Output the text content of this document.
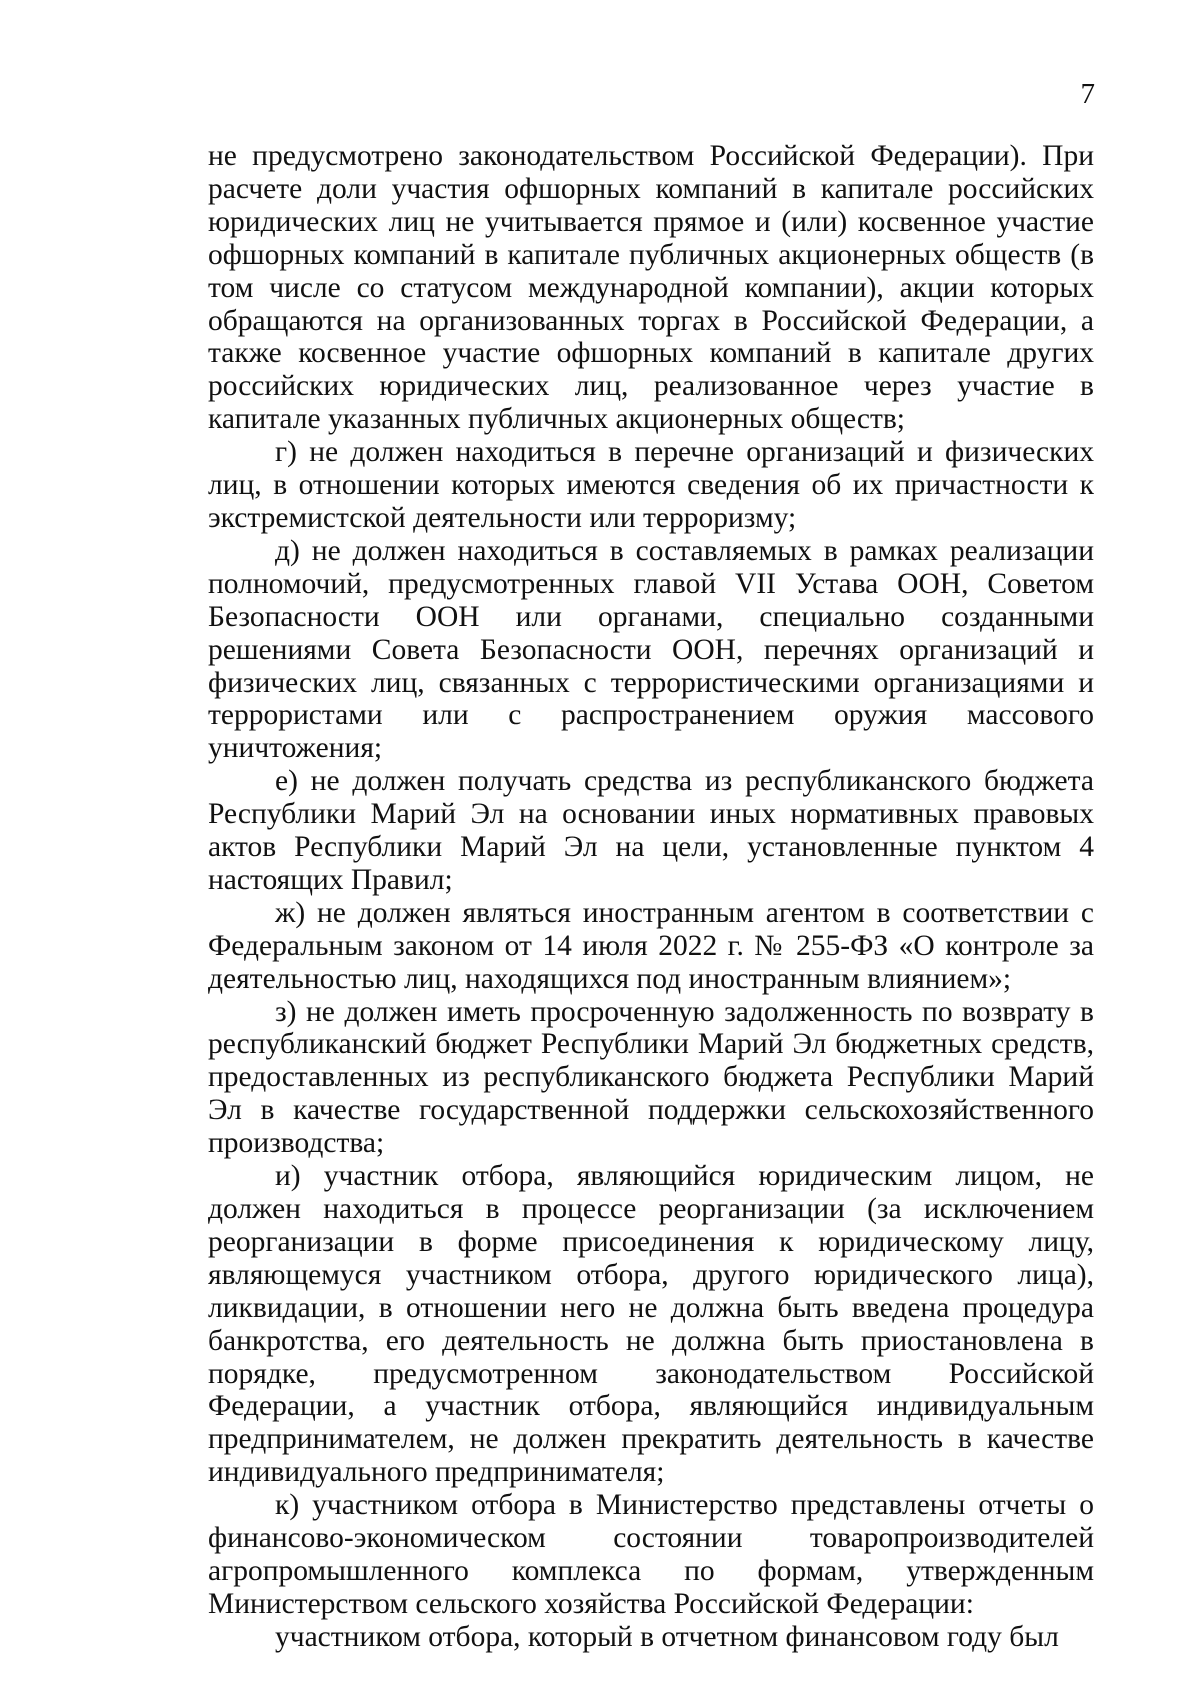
7

не предусмотрено законодательством Российской Федерации). При расчете доли участия офшорных компаний в капитале российских юридических лиц не учитывается прямое и (или) косвенное участие офшорных компаний в капитале публичных акционерных обществ (в том числе со статусом международной компании), акции которых обращаются на организованных торгах в Российской Федерации, а также косвенное участие офшорных компаний в капитале других российских юридических лиц, реализованное через участие в капитале указанных публичных акционерных обществ;

г) не должен находиться в перечне организаций и физических лиц, в отношении которых имеются сведения об их причастности к экстремистской деятельности или терроризму;

д) не должен находиться в составляемых в рамках реализации полномочий, предусмотренных главой VII Устава ООН, Советом Безопасности ООН или органами, специально созданными решениями Совета Безопасности ООН, перечнях организаций и физических лиц, связанных с террористическими организациями и террористами или с распространением оружия массового уничтожения;

е) не должен получать средства из республиканского бюджета Республики Марий Эл на основании иных нормативных правовых актов Республики Марий Эл на цели, установленные пунктом 4 настоящих Правил;

ж) не должен являться иностранным агентом в соответствии с Федеральным законом от 14 июля 2022 г. № 255-ФЗ «О контроле за деятельностью лиц, находящихся под иностранным влиянием»;

з) не должен иметь просроченную задолженность по возврату в республиканский бюджет Республики Марий Эл бюджетных средств, предоставленных из республиканского бюджета Республики Марий Эл в качестве государственной поддержки сельскохозяйственного производства;

и) участник отбора, являющийся юридическим лицом, не должен находиться в процессе реорганизации (за исключением реорганизации в форме присоединения к юридическому лицу, являющемуся участником отбора, другого юридического лица), ликвидации, в отношении него не должна быть введена процедура банкротства, его деятельность не должна быть приостановлена в порядке, предусмотренном законодательством Российской Федерации, а участник отбора, являющийся индивидуальным предпринимателем, не должен прекратить деятельность в качестве индивидуального предпринимателя;

к) участником отбора в Министерство представлены отчеты о финансово-экономическом состоянии товаропроизводителей агропромышленного комплекса по формам, утвержденным Министерством сельского хозяйства Российской Федерации:

участником отбора, который в отчетном финансовом году был
